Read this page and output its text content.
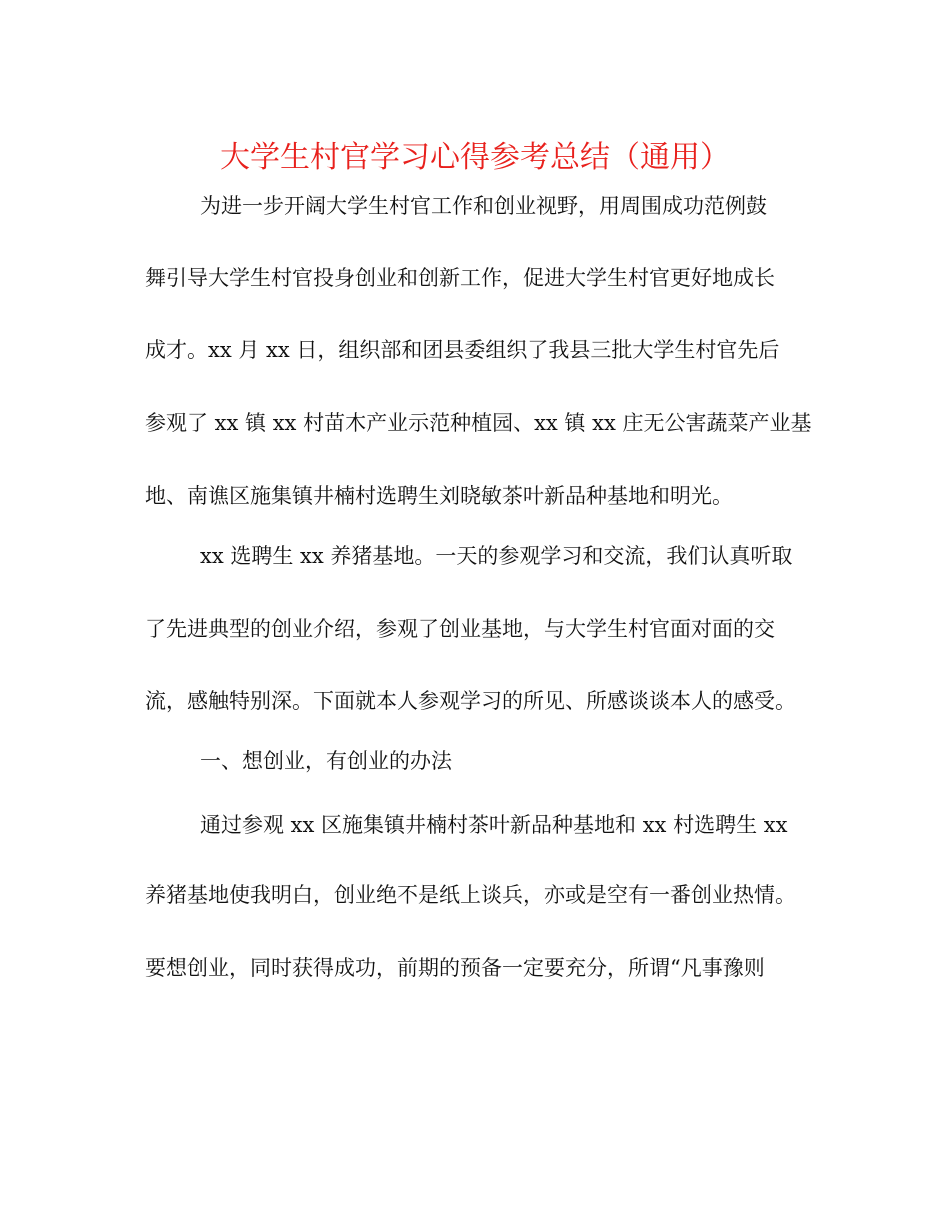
大学生村官学习心得参考总结（通用）
为进一步开阔大学生村官工作和创业视野，用周围成功范例鼓
舞引导大学生村官投身创业和创新工作，促进大学生村官更好地成长
成才。xx 月 xx 日，组织部和团县委组织了我县三批大学生村官先后
参观了 xx 镇 xx 村苗木产业示范种植园、xx 镇 xx 庄无公害蔬菜产业基
地、南谯区施集镇井楠村选聘生刘晓敏茶叶新品种基地和明光。
xx 选聘生 xx 养猪基地。一天的参观学习和交流，我们认真听取
了先进典型的创业介绍，参观了创业基地，与大学生村官面对面的交
流，感触特别深。下面就本人参观学习的所见、所感谈谈本人的感受。
一、想创业，有创业的办法
通过参观 xx 区施集镇井楠村茶叶新品种基地和 xx 村选聘生 xx
养猪基地使我明白，创业绝不是纸上谈兵，亦或是空有一番创业热情。
要想创业，同时获得成功，前期的预备一定要充分，所谓“凡事豫则
